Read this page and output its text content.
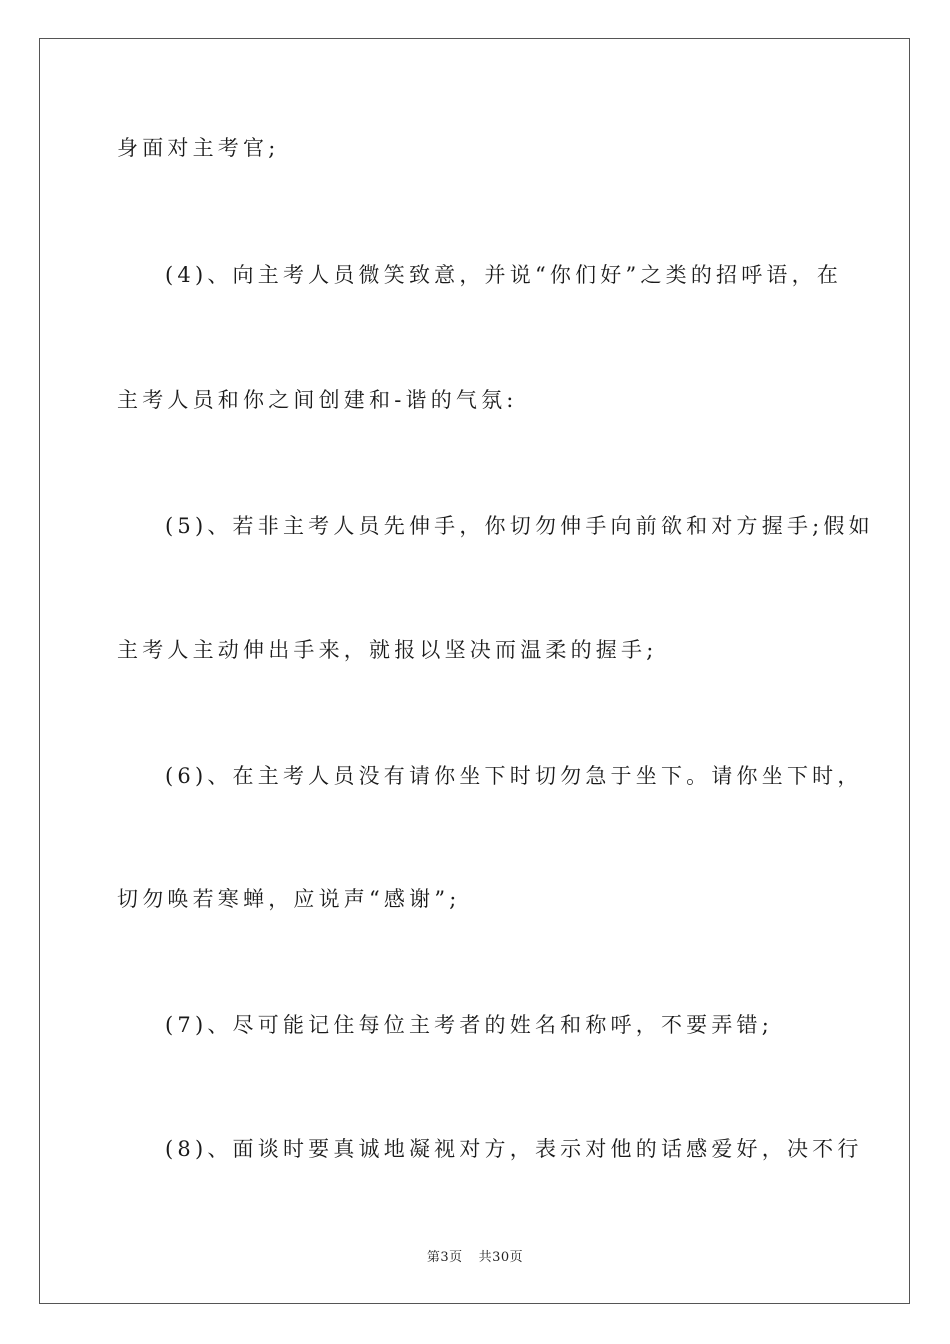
身面对主考官;
(4)、向主考人员微笑致意，并说“你们好”之类的招呼语，在
主考人员和你之间创建和-谐的气氛:
(5)、若非主考人员先伸手，你切勿伸手向前欲和对方握手;假如
主考人主动伸出手来，就报以坚决而温柔的握手;
(6)、在主考人员没有请你坐下时切勿急于坐下。请你坐下时，
切勿唤若寒蝉，应说声“感谢”;
(7)、尽可能记住每位主考者的姓名和称呼，不要弄错;
(8)、面谈时要真诚地凝视对方，表示对他的话感爱好，决不行
第3页 共30页
